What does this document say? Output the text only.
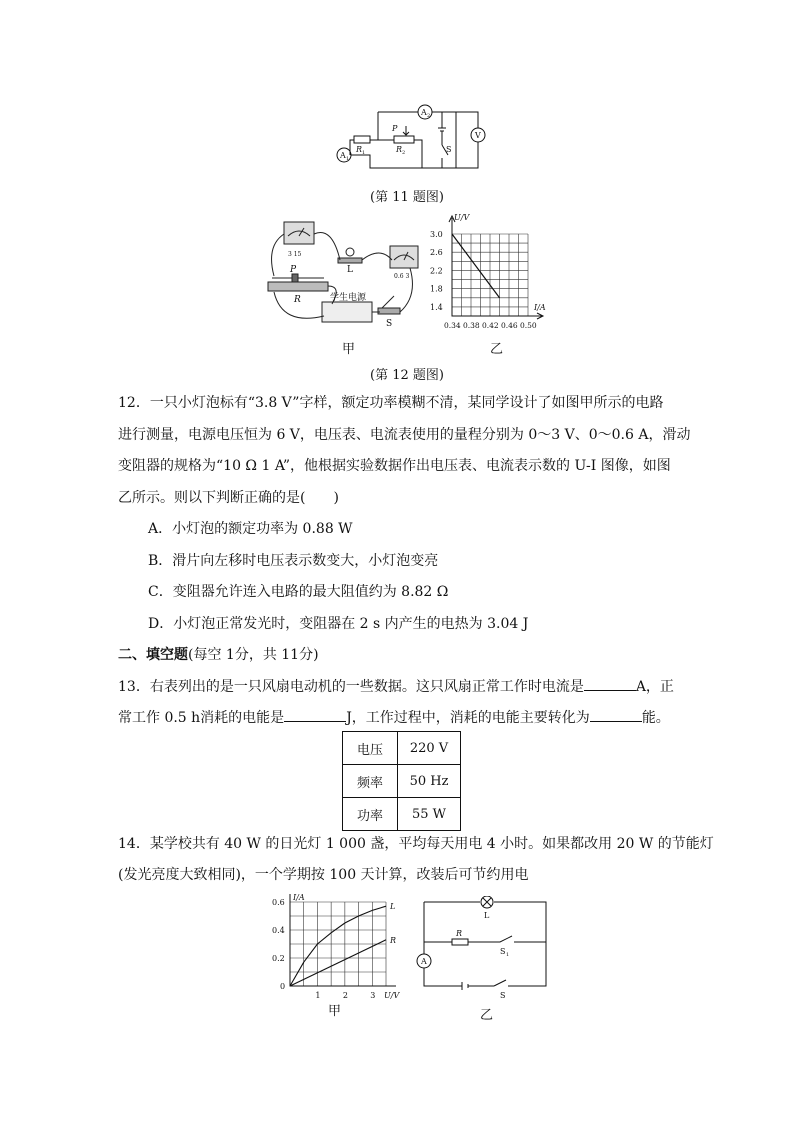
A 2
A 1
V
R 1	R 2
P
S
(第 11 题图)
学生电源
L
R
P
S
3 15
0.6 3
甲
3.0
2.6
2.2
1.8
1.4
0.34 0.38 0.42 0.46 0.50
U/V
I/A
乙
(第 12 题图)
12．一只小灯泡标有“3.8 V”字样，额定功率模糊不清，某同学设计了如图甲所示的电路
进行测量，电源电压恒为 6 V，电压表、电流表使用的量程分别为 0～3 V、0～0.6 A，滑动
变阻器的规格为“10 Ω 1 A”，他根据实验数据作出电压表、电流表示数的 U-I 图像，如图
乙所示。则以下判断正确的是(　　)
A．小灯泡的额定功率为 0.88 W
B．滑片向左移时电压表示数变大，小灯泡变亮
C．变阻器允许连入电路的最大阻值约为 8.82 Ω
D．小灯泡正常发光时，变阻器在 2 s 内产生的电热为 3.04 J
二、填空题(每空 1分，共 11分)
13．右表列出的是一只风扇电动机的一些数据。这只风扇正常工作时电流是	A，正
常工作 0.5 h消耗的电能是	J，工作过程中，消耗的电能主要转化为	能。
电压	220 V
频率	50 Hz
功率	55 W
14．某学校共有 40 W 的日光灯 1 000 盏，平均每天用电 4 小时。如果都改用 20 W 的节能灯
(发光亮度大致相同)，一个学期按 100 天计算，改装后可节约用电
L
R
0.6
0.4
0.2
0
1	2	3
I/A
U/V
甲
L
R
S 1
A
S
乙
